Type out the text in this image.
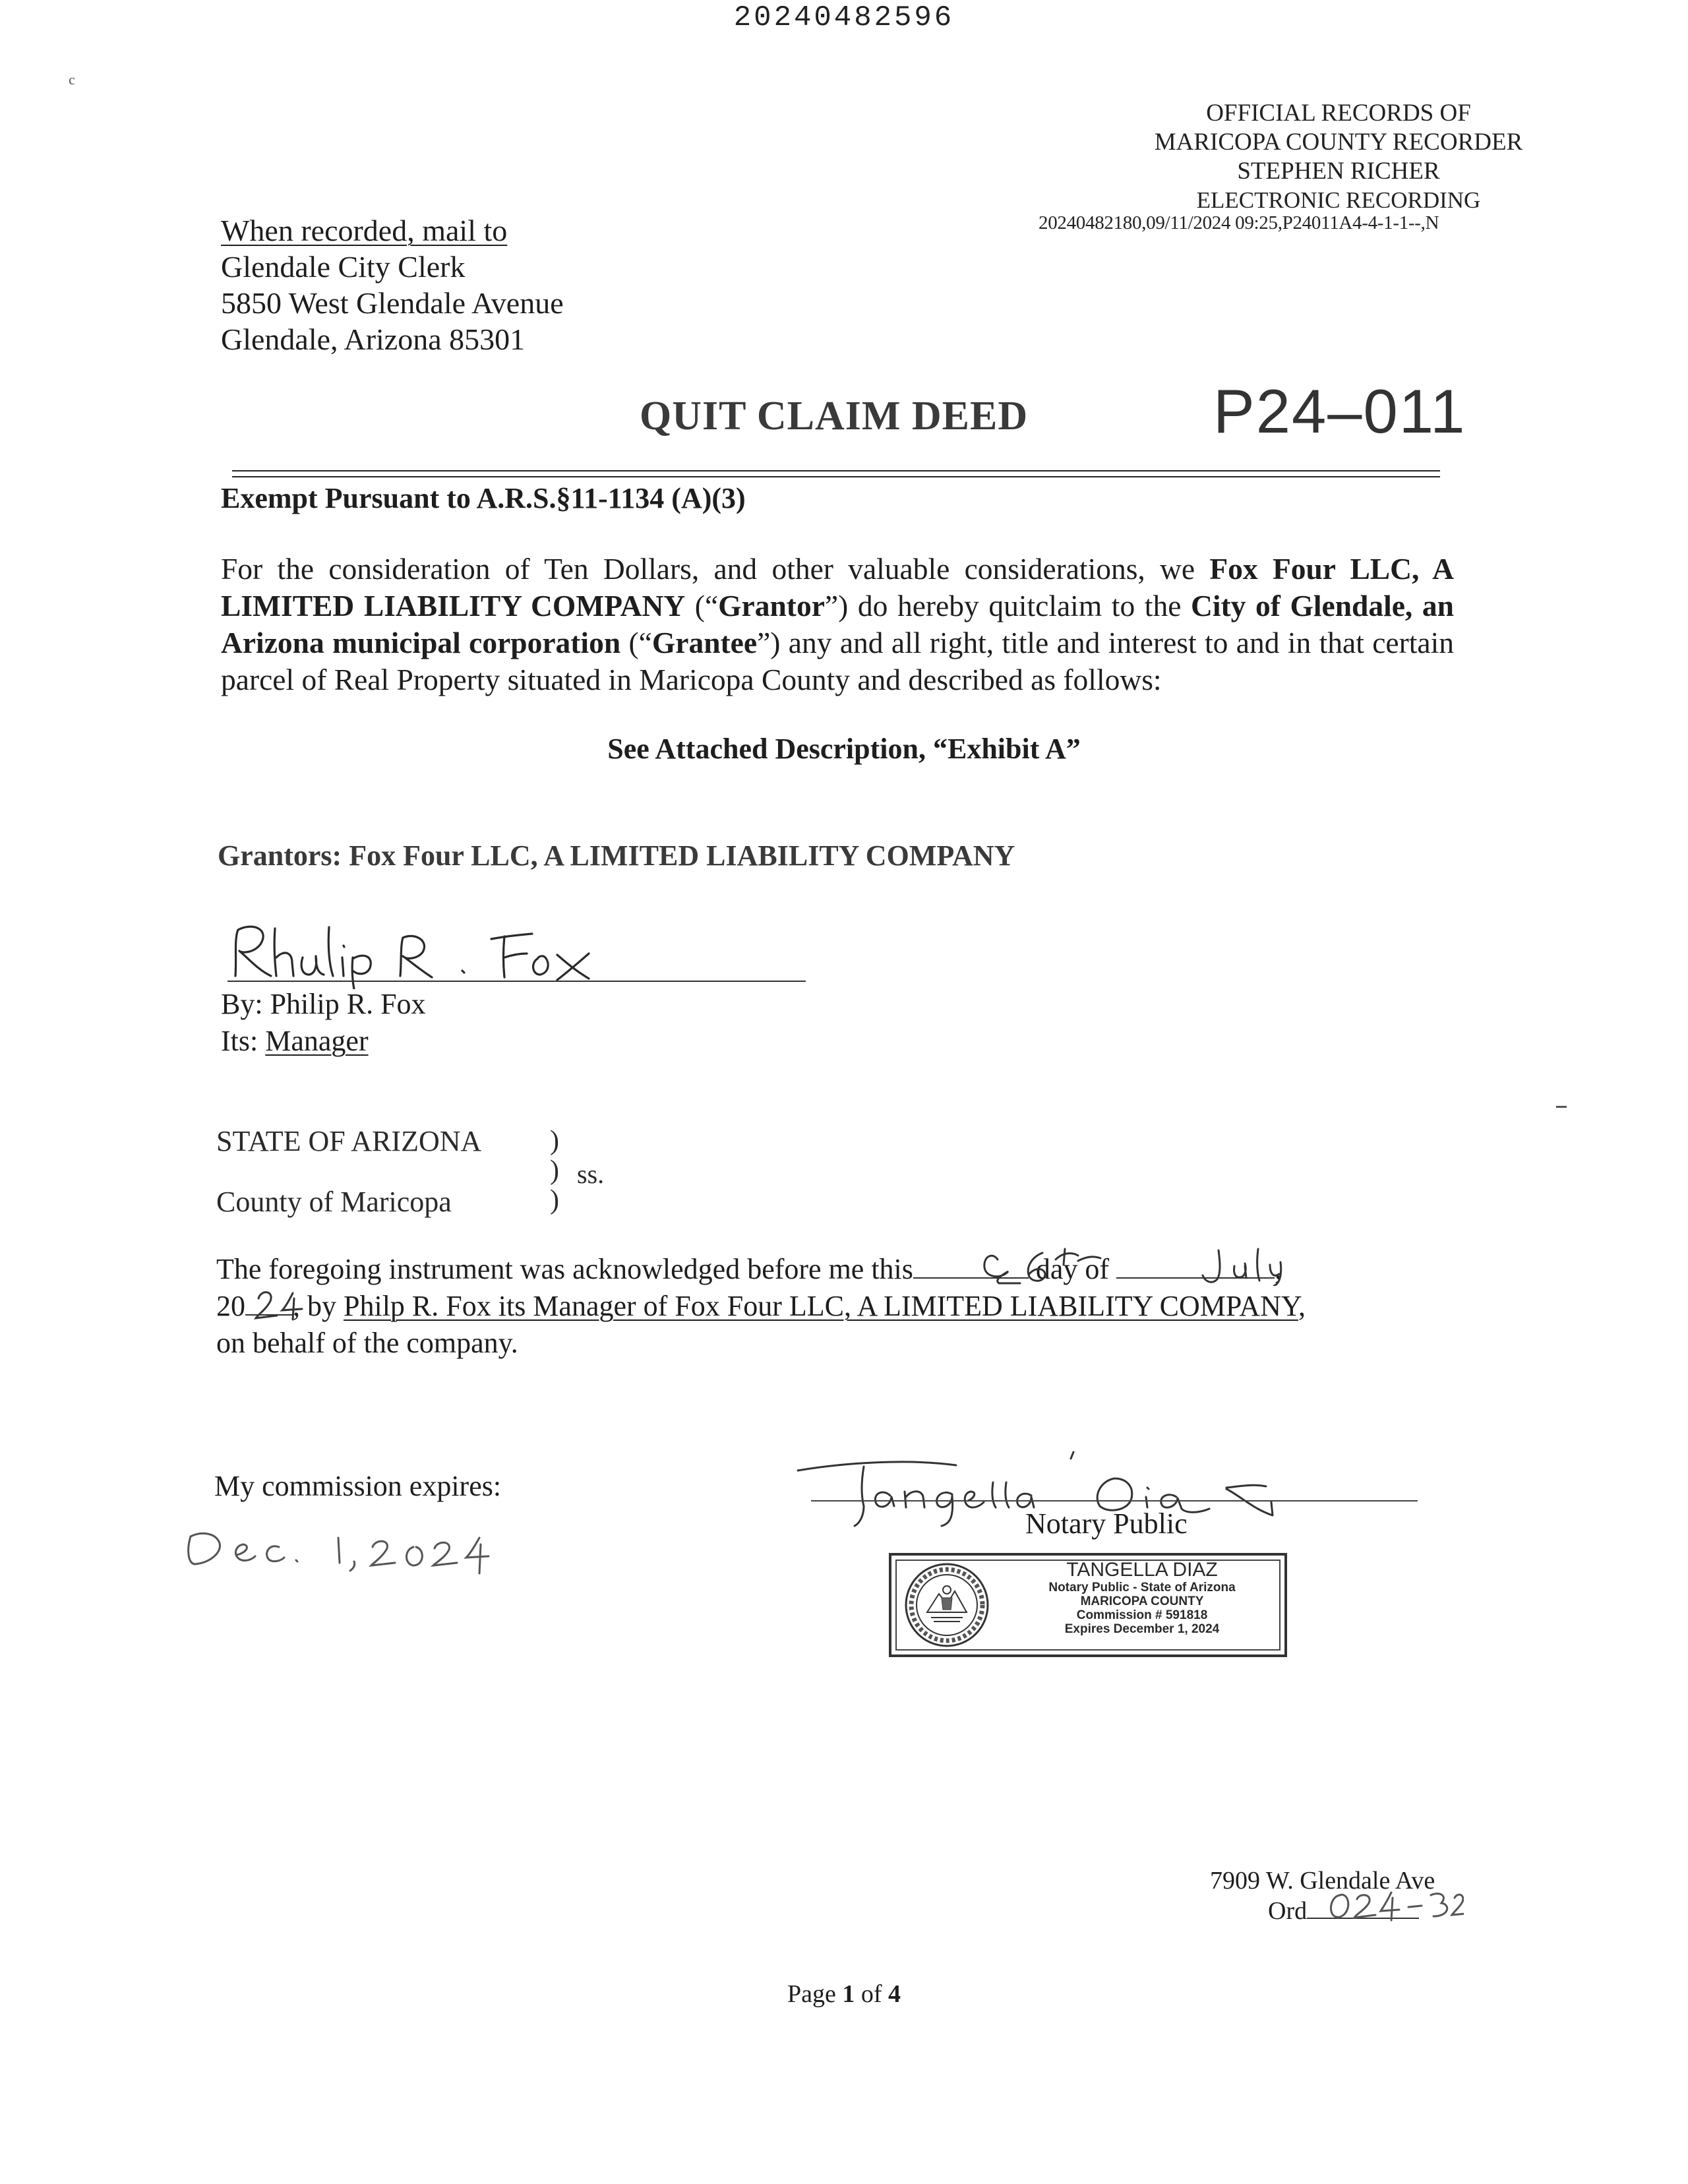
20240482596
c
OFFICIAL RECORDS OF
MARICOPA COUNTY RECORDER
STEPHEN RICHER
ELECTRONIC RECORDING
20240482180,09/11/2024 09:25,P24011A4-4-1-1--,N
When recorded, mail to
Glendale City Clerk
5850 West Glendale Avenue
Glendale, Arizona 85301
QUIT CLAIM DEED	P24–011
Exempt Pursuant to A.R.S.§11-1134 (A)(3)
For the consideration of Ten Dollars, and other valuable considerations, we Fox Four LLC, A LIMITED LIABILITY COMPANY (“Grantor”) do hereby quitclaim to the City of Glendale, an Arizona municipal corporation (“Grantee”) any and all right, title and interest to and in that certain parcel of Real Property situated in Maricopa County and described as follows:
See Attached Description, “Exhibit A”
Grantors: Fox Four LLC, A LIMITED LIABILITY COMPANY
By: Philip R. Fox
Its: Manager
STATE OF ARIZONA
County of Maricopa
)
)
)
ss.
The foregoing instrument was acknowledged before me this	day of	,
20 , by Philp R. Fox its Manager of Fox Four LLC, A LIMITED LIABILITY COMPANY,
on behalf of the company.
My commission expires:
Notary Public
TANGELLA DIAZ
Notary Public - State of Arizona
MARICOPA COUNTY
Commission # 591818
Expires December 1, 2024
7909 W. Glendale Ave
Ord
Page 1 of 4
